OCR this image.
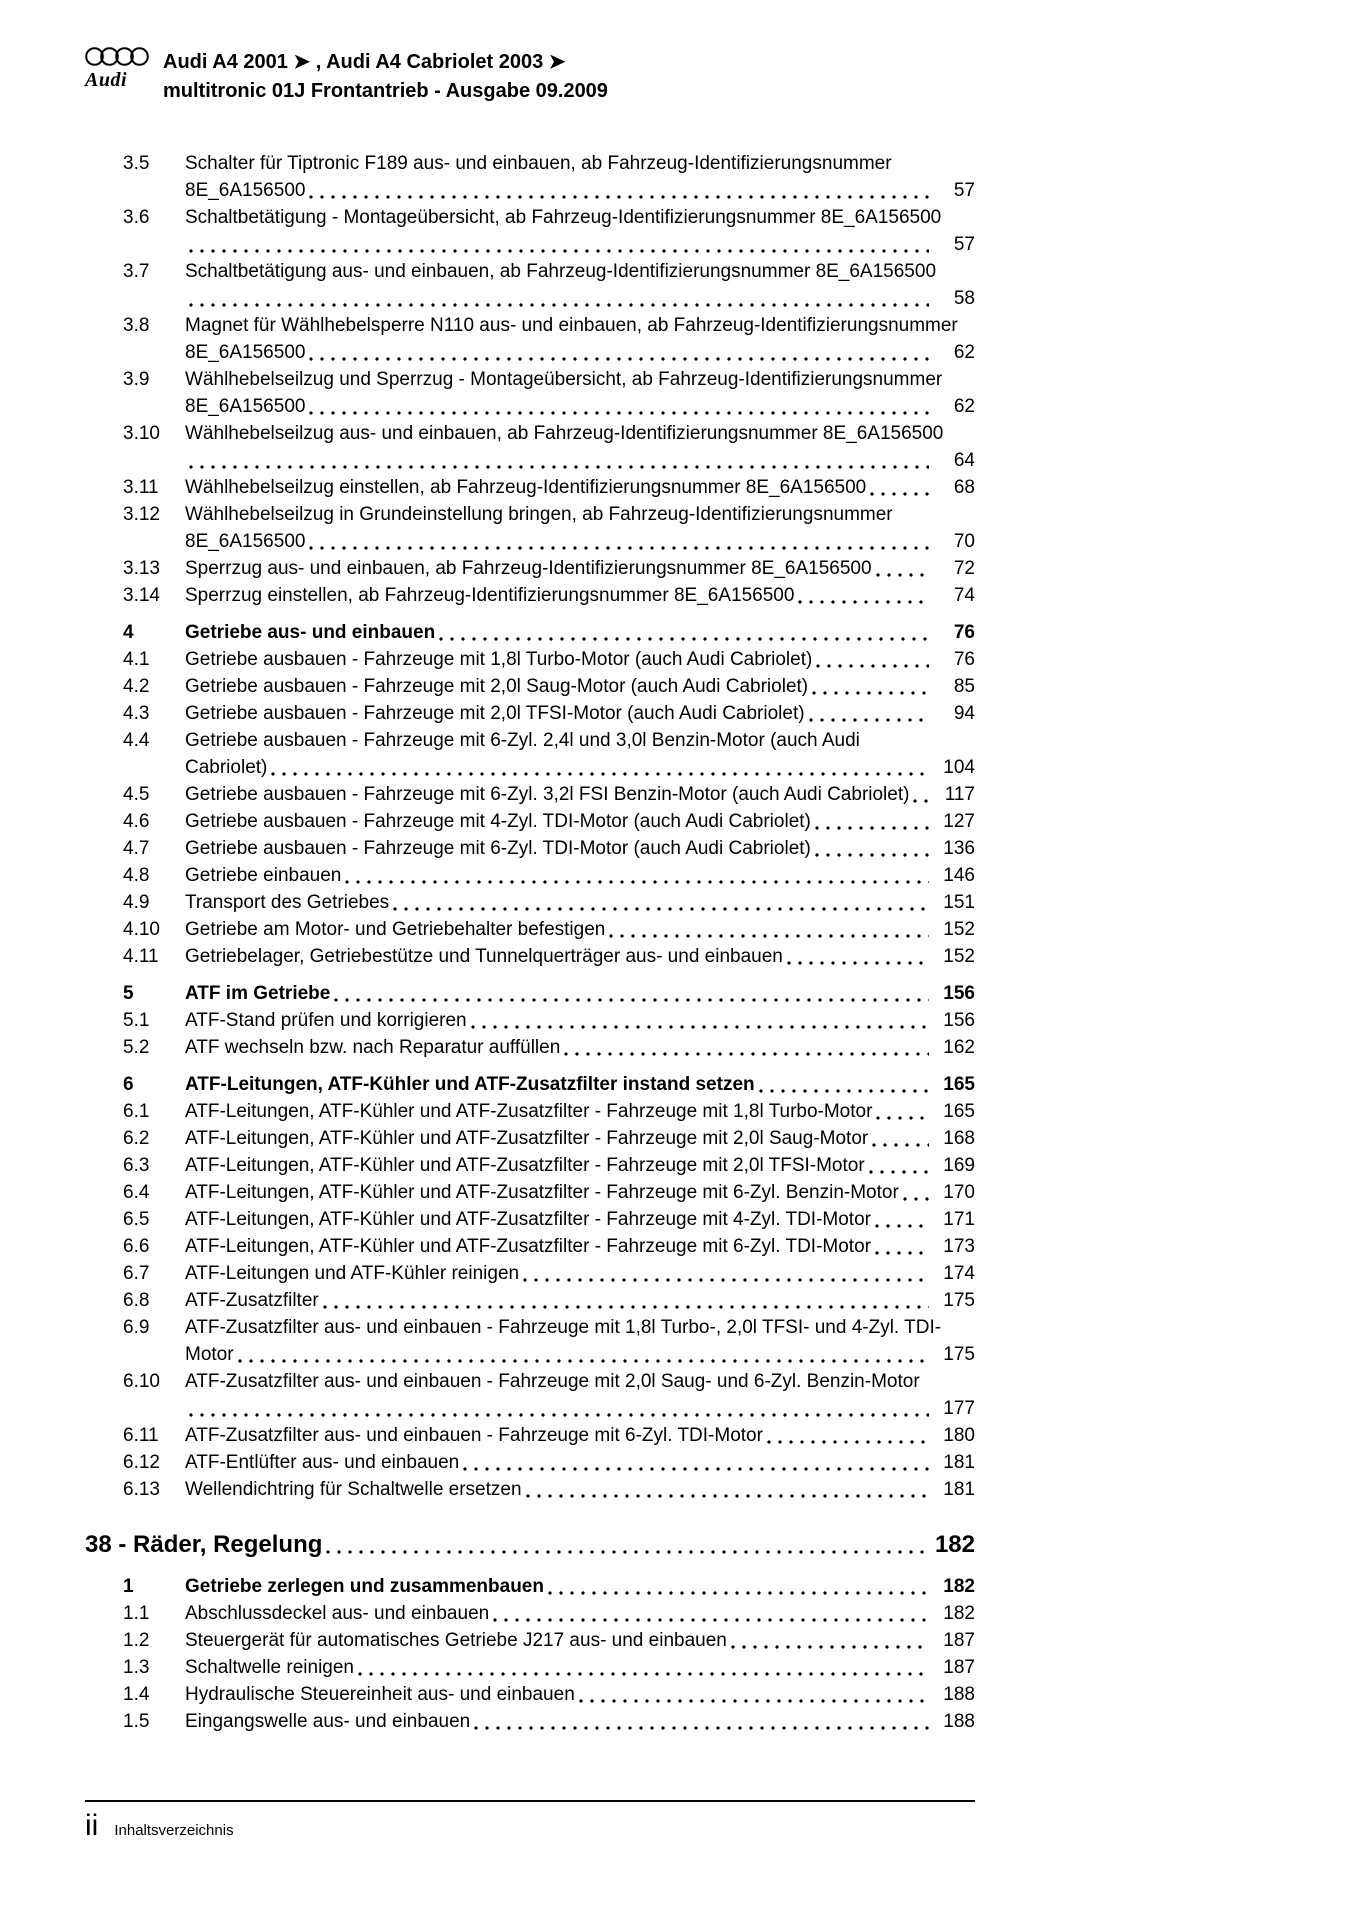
Audi
Audi A4 2001 ➤ , Audi A4 Cabriolet 2003 ➤
multitronic 01J Frontantrieb - Ausgabe 09.2009
3.5	Schalter für Tiptronic F189 aus- und einbauen, ab Fahrzeug-Identifizierungsnummer
8E_6A156500	57
3.6	Schaltbetätigung - Montageübersicht, ab Fahrzeug-Identifizierungsnummer 8E_6A156500
57
3.7	Schaltbetätigung aus- und einbauen, ab Fahrzeug-Identifizierungsnummer 8E_6A156500
58
3.8	Magnet für Wählhebelsperre N110 aus- und einbauen, ab Fahrzeug-Identifizierungsnummer
8E_6A156500	62
3.9	Wählhebelseilzug und Sperrzug - Montageübersicht, ab Fahrzeug-Identifizierungsnummer
8E_6A156500	62
3.10	Wählhebelseilzug aus- und einbauen, ab Fahrzeug-Identifizierungsnummer 8E_6A156500
64
3.11	Wählhebelseilzug einstellen, ab Fahrzeug-Identifizierungsnummer 8E_6A156500	68
3.12	Wählhebelseilzug in Grundeinstellung bringen, ab Fahrzeug-Identifizierungsnummer
8E_6A156500	70
3.13	Sperrzug aus- und einbauen, ab Fahrzeug-Identifizierungsnummer 8E_6A156500	72
3.14	Sperrzug einstellen, ab Fahrzeug-Identifizierungsnummer 8E_6A156500	74
4	Getriebe aus- und einbauen	76
4.1	Getriebe ausbauen - Fahrzeuge mit 1,8l Turbo-Motor (auch Audi Cabriolet)	76
4.2	Getriebe ausbauen - Fahrzeuge mit 2,0l Saug-Motor (auch Audi Cabriolet)	85
4.3	Getriebe ausbauen - Fahrzeuge mit 2,0l TFSI-Motor (auch Audi Cabriolet)	94
4.4	Getriebe ausbauen - Fahrzeuge mit 6-Zyl. 2,4l und 3,0l Benzin-Motor (auch Audi
Cabriolet)	104
4.5	Getriebe ausbauen - Fahrzeuge mit 6-Zyl. 3,2l FSI Benzin-Motor (auch Audi Cabriolet)	117
4.6	Getriebe ausbauen - Fahrzeuge mit 4-Zyl. TDI-Motor (auch Audi Cabriolet)	127
4.7	Getriebe ausbauen - Fahrzeuge mit 6-Zyl. TDI-Motor (auch Audi Cabriolet)	136
4.8	Getriebe einbauen	146
4.9	Transport des Getriebes	151
4.10	Getriebe am Motor- und Getriebehalter befestigen	152
4.11	Getriebelager, Getriebestütze und Tunnelquerträger aus- und einbauen	152
5	ATF im Getriebe	156
5.1	ATF-Stand prüfen und korrigieren	156
5.2	ATF wechseln bzw. nach Reparatur auffüllen	162
6	ATF-Leitungen, ATF-Kühler und ATF-Zusatzfilter instand setzen	165
6.1	ATF-Leitungen, ATF-Kühler und ATF-Zusatzfilter - Fahrzeuge mit 1,8l Turbo-Motor	165
6.2	ATF-Leitungen, ATF-Kühler und ATF-Zusatzfilter - Fahrzeuge mit 2,0l Saug-Motor	168
6.3	ATF-Leitungen, ATF-Kühler und ATF-Zusatzfilter - Fahrzeuge mit 2,0l TFSI-Motor	169
6.4	ATF-Leitungen, ATF-Kühler und ATF-Zusatzfilter - Fahrzeuge mit 6-Zyl. Benzin-Motor	170
6.5	ATF-Leitungen, ATF-Kühler und ATF-Zusatzfilter - Fahrzeuge mit 4-Zyl. TDI-Motor	171
6.6	ATF-Leitungen, ATF-Kühler und ATF-Zusatzfilter - Fahrzeuge mit 6-Zyl. TDI-Motor	173
6.7	ATF-Leitungen und ATF-Kühler reinigen	174
6.8	ATF-Zusatzfilter	175
6.9	ATF-Zusatzfilter aus- und einbauen - Fahrzeuge mit 1,8l Turbo-, 2,0l TFSI- und 4-Zyl. TDI-
Motor	175
6.10	ATF-Zusatzfilter aus- und einbauen - Fahrzeuge mit 2,0l Saug- und 6-Zyl. Benzin-Motor
177
6.11	ATF-Zusatzfilter aus- und einbauen - Fahrzeuge mit 6-Zyl. TDI-Motor	180
6.12	ATF-Entlüfter aus- und einbauen	181
6.13	Wellendichtring für Schaltwelle ersetzen	181
38 - Räder, Regelung	182
1	Getriebe zerlegen und zusammenbauen	182
1.1	Abschlussdeckel aus- und einbauen	182
1.2	Steuergerät für automatisches Getriebe J217 aus- und einbauen	187
1.3	Schaltwelle reinigen	187
1.4	Hydraulische Steuereinheit aus- und einbauen	188
1.5	Eingangswelle aus- und einbauen	188
ii Inhaltsverzeichnis
